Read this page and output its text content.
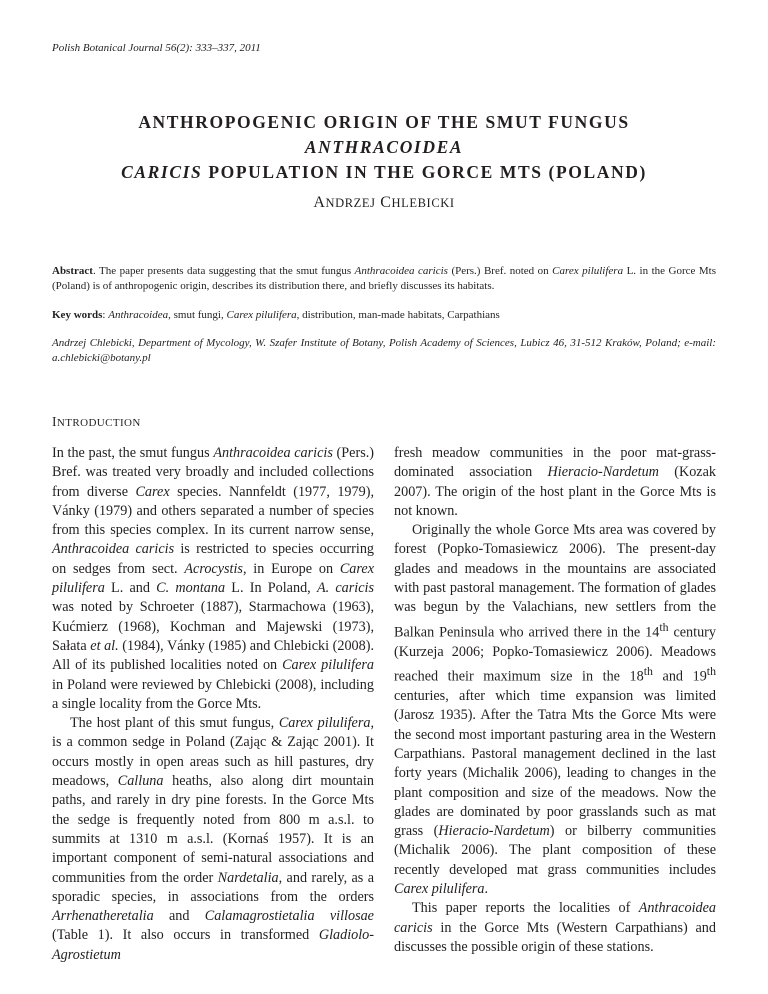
Polish Botanical Journal 56(2): 333–337, 2011
ANTHROPOGENIC ORIGIN OF THE SMUT FUNGUS ANTHRACOIDEA
CARICIS POPULATION IN THE GORCE MTS (POLAND)
ANDRZEJ CHLEBICKI
Abstract. The paper presents data suggesting that the smut fungus Anthracoidea caricis (Pers.) Bref. noted on Carex pilulifera L. in the Gorce Mts (Poland) is of anthropogenic origin, describes its distribution there, and briefly discusses its habitats.
Key words: Anthracoidea, smut fungi, Carex pilulifera, distribution, man-made habitats, Carpathians
Andrzej Chlebicki, Department of Mycology, W. Szafer Institute of Botany, Polish Academy of Sciences, Lubicz 46, 31-512 Kraków, Poland; e-mail: a.chlebicki@botany.pl
INTRODUCTION

In the past, the smut fungus Anthracoidea caricis (Pers.) Bref. was treated very broadly and included collections from diverse Carex species. Nannfeldt (1977, 1979), Vánky (1979) and others separated a number of species from this species complex. In its current narrow sense, Anthracoidea caricis is restricted to species occurring on sedges from sect. Acrocystis, in Europe on Carex pilulifera L. and C. montana L. In Poland, A. caricis was noted by Schroeter (1887), Starmachowa (1963), Kućmierz (1968), Kochman and Majewski (1973), Sałata et al. (1984), Vánky (1985) and Chlebicki (2008). All of its published localities noted on Carex pilulifera in Poland were reviewed by Chlebicki (2008), including a single locality from the Gorce Mts.

The host plant of this smut fungus, Carex pilulifera, is a common sedge in Poland (Zając & Zając 2001). It occurs mostly in open areas such as hill pastures, dry meadows, Calluna heaths, also along dirt mountain paths, and rarely in dry pine forests. In the Gorce Mts the sedge is frequently noted from 800 m a.s.l. to summits at 1310 m a.s.l. (Kornaś 1957). It is an important component of semi-natural associations and communities from the order Nardetalia, and rarely, as a sporadic species, in associations from the orders Arrhenatheretalia and Calamagrostietalia villosae (Table 1). It also occurs in transformed Gladiolo-Agrostietum

fresh meadow communities in the poor mat-grass-dominated association Hieracio-Nardetum (Kozak 2007). The origin of the host plant in the Gorce Mts is not known.

Originally the whole Gorce Mts area was covered by forest (Popko-Tomasiewicz 2006). The present-day glades and meadows in the mountains are associated with past pastoral management. The formation of glades was begun by the Valachians, new settlers from the Balkan Peninsula who arrived there in the 14th century (Kurzeja 2006; Popko-Tomasiewicz 2006). Meadows reached their maximum size in the 18th and 19th centuries, after which time expansion was limited (Jarosz 1935). After the Tatra Mts the Gorce Mts were the second most important pasturing area in the Western Carpathians. Pastoral management declined in the last forty years (Michalik 2006), leading to changes in the plant composition and size of the meadows. Now the glades are dominated by poor grasslands such as mat grass (Hieracio-Nardetum) or bilberry communities (Michalik 2006). The plant composition of these recently developed mat grass communities includes Carex pilulifera.

This paper reports the localities of Anthracoidea caricis in the Gorce Mts (Western Carpathians) and discusses the possible origin of these stations.
